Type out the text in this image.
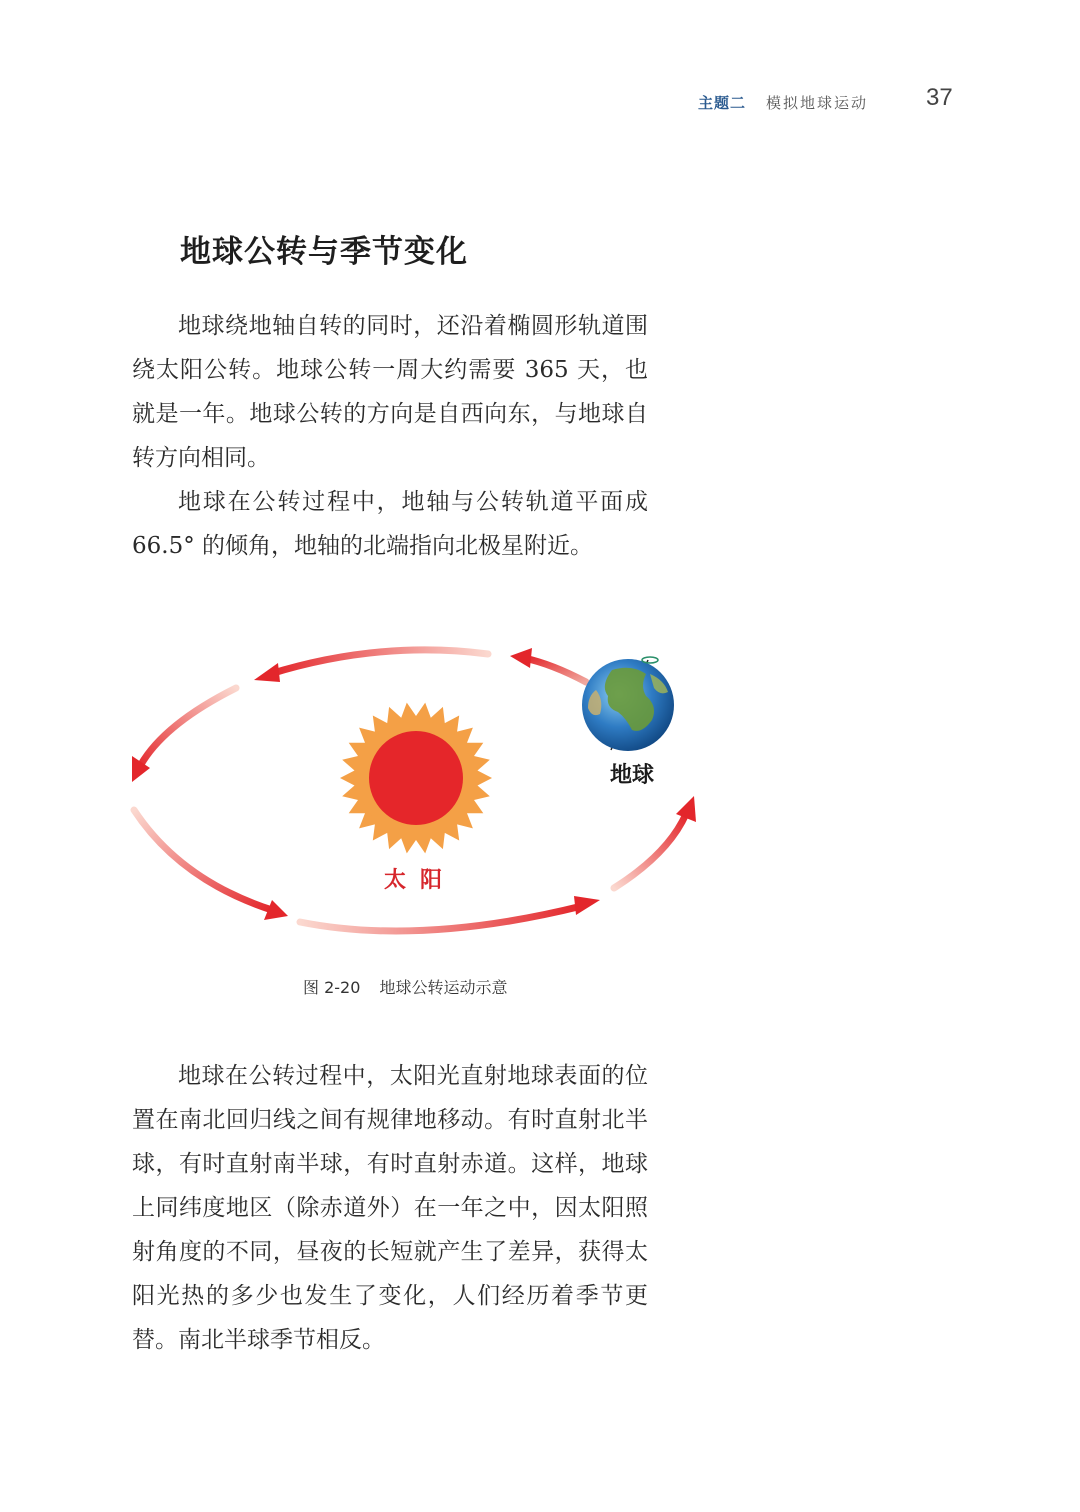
主题二 模拟地球运动 37
地球公转与季节变化

地球绕地轴自转的同时，还沿着椭圆形轨道围绕太阳公转。地球公转一周大约需要 365 天，也就是一年。地球公转的方向是自西向东，与地球自转方向相同。

地球在公转过程中，地轴与公转轨道平面成 66.5° 的倾角，地轴的北端指向北极星附近。

地球
太阳
图 2-20 地球公转运动示意

地球在公转过程中，太阳光直射地球表面的位置在南北回归线之间有规律地移动。有时直射北半球，有时直射南半球，有时直射赤道。这样，地球上同纬度地区（除赤道外）在一年之中，因太阳照射角度的不同，昼夜的长短就产生了差异，获得太阳光热的多少也发生了变化，人们经历着季节更替。南北半球季节相反。
